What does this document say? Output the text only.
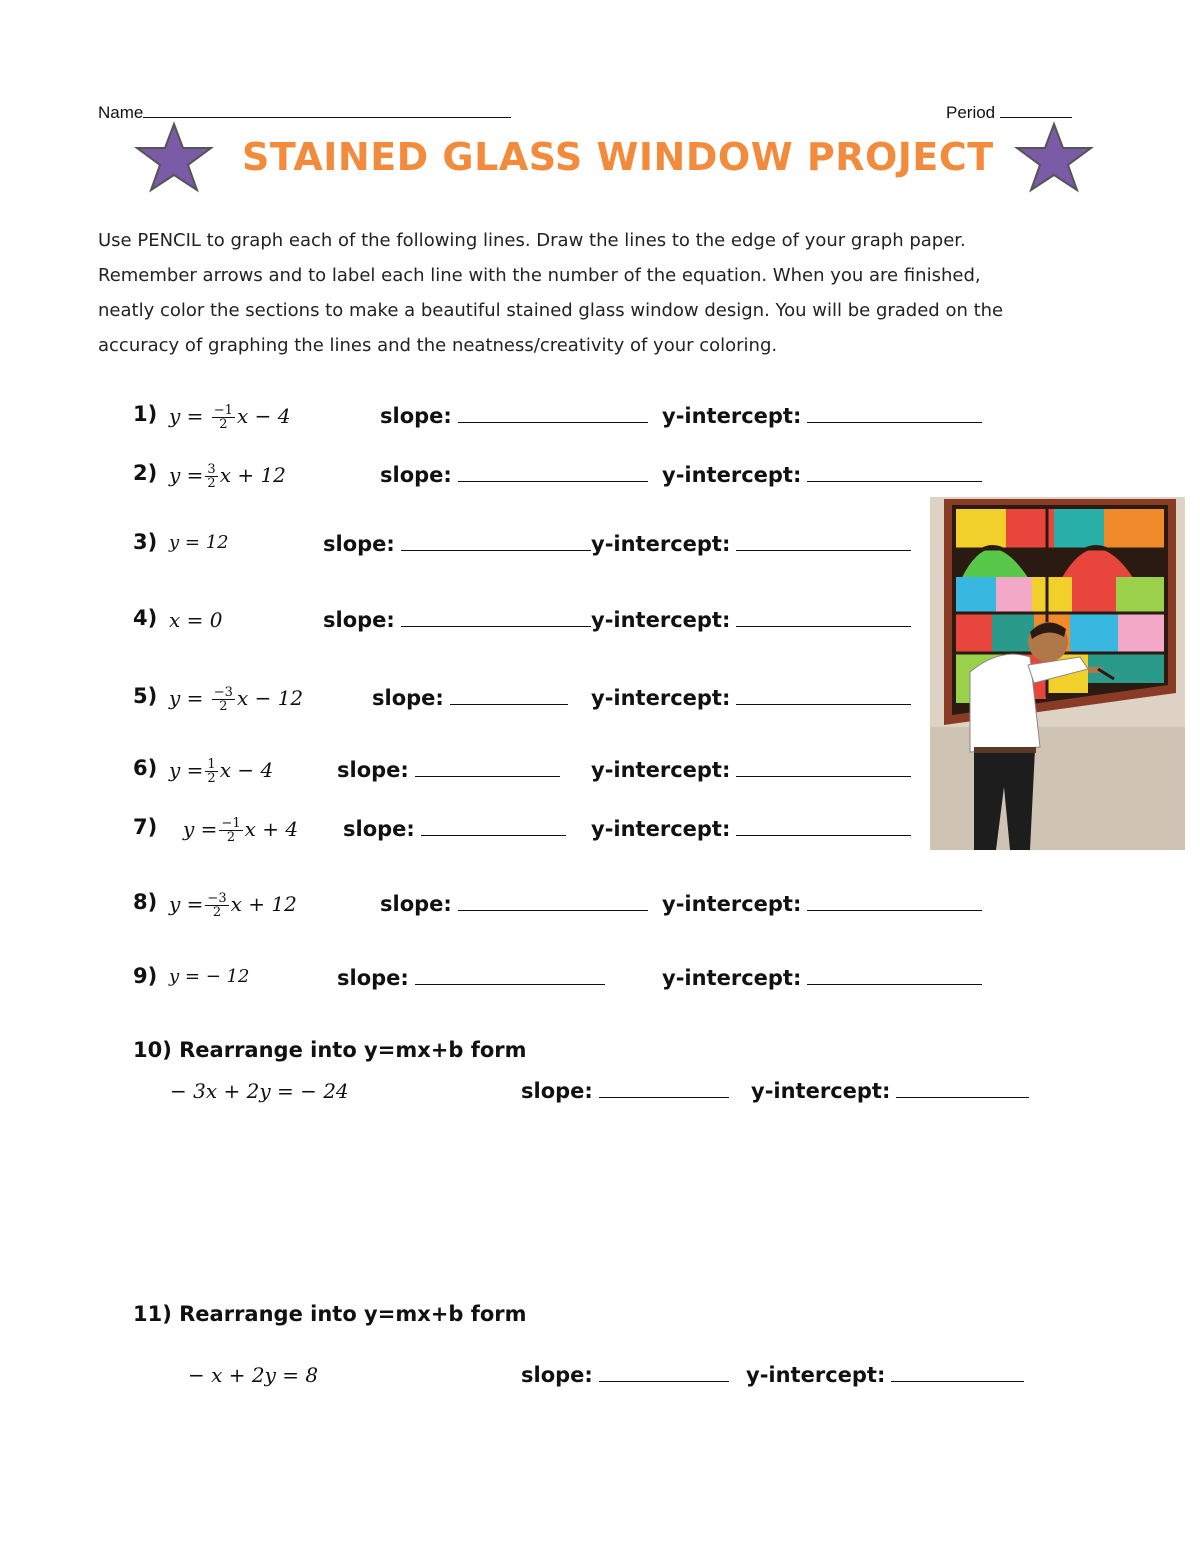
Name	Period
STAINED GLASS WINDOW PROJECT
Use PENCIL to graph each of the following lines. Draw the lines to the edge of your graph paper.
Remember arrows and to label each line with the number of the equation. When you are finished,
neatly color the sections to make a beautiful stained glass window design. You will be graded on the
accuracy of graphing the lines and the neatness/creativity of your coloring.
1) $y = \frac{-1}{2}$ x − 4	slope:	y-intercept:
2) $y = \frac{3}{2}$ x + 12	slope:	y-intercept:
3) y = 12	slope:	y-intercept:
4) x = 0	slope:	y-intercept:
5) $y = \frac{-3}{2}$ x − 12	slope:	y-intercept:
6) $y = \frac{1}{2}$ x − 4	slope:	y-intercept:
7) $y = \frac{-1}{2}$ x + 4 slope:	y-intercept:
8) $y = \frac{-3}{2}$ x + 12	slope:	y-intercept:
9) y = − 12	slope:	y-intercept:
10) Rearrange into y=mx+b form
− 3x + 2y = − 24	slope:	y-intercept:
11) Rearrange into y=mx+b form
− x + 2y = 8	slope:	y-intercept:
